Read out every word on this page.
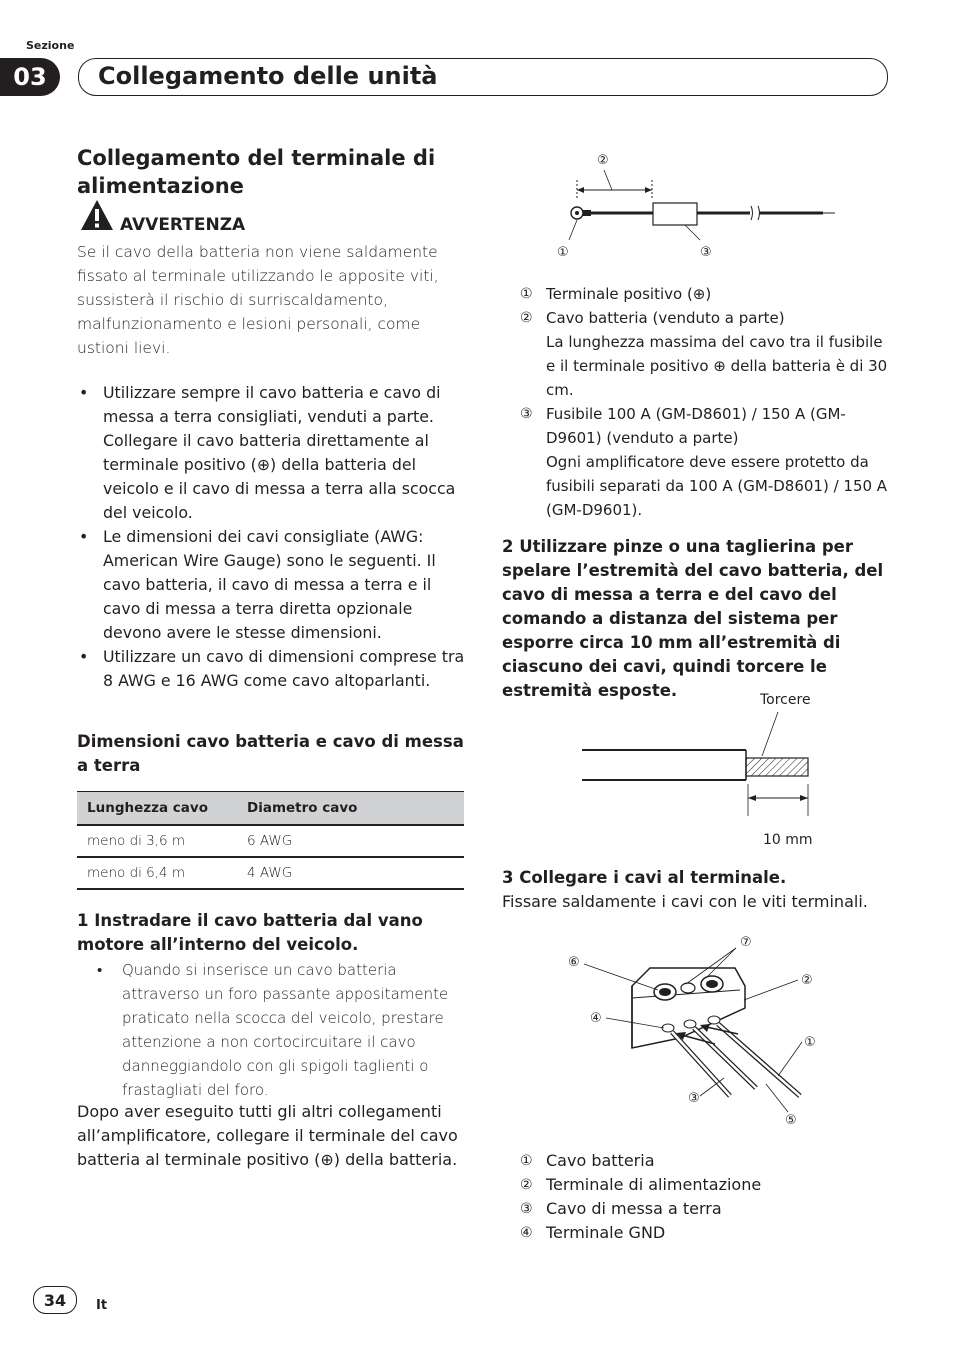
Sezione
03	Collegamento delle unità
Collegamento del terminale di alimentazione
AVVERTENZA
Se il cavo della batteria non viene saldamente fissato al terminale utilizzando le apposite viti, sussisterà il rischio di surriscaldamento, malfunzionamento e lesioni personali, come ustioni lievi.
• Utilizzare sempre il cavo batteria e cavo di messa a terra consigliati, venduti a parte. Collegare il cavo batteria direttamente al terminale positivo (⊕) della batteria del veicolo e il cavo di messa a terra alla scocca del veicolo.
• Le dimensioni dei cavi consigliate (AWG: American Wire Gauge) sono le seguenti. Il cavo batteria, il cavo di messa a terra e il cavo di messa a terra diretta opzionale devono avere le stesse dimensioni.
• Utilizzare un cavo di dimensioni comprese tra 8 AWG e 16 AWG come cavo altoparlanti.
Dimensioni cavo batteria e cavo di messa a terra
Lunghezza cavo	Diametro cavo
meno di 3,6 m	6 AWG
meno di 6,4 m	4 AWG
1 Instradare il cavo batteria dal vano motore all’interno del veicolo.
• Quando si inserisce un cavo batteria attraverso un foro passante appositamente praticato nella scocca del veicolo, prestare attenzione a non cortocircuitare il cavo danneggiandolo con gli spigoli taglienti o frastagliati del foro.
Dopo aver eseguito tutti gli altri collegamenti all’amplificatore, collegare il terminale del cavo batteria al terminale positivo (⊕) della batteria.
②
①	③
① Terminale positivo (⊕)
② Cavo batteria (venduto a parte)
La lunghezza massima del cavo tra il fusibile e il terminale positivo ⊕ della batteria è di 30 cm.
③ Fusibile 100 A (GM-D8601) / 150 A (GM-D9601) (venduto a parte)
Ogni amplificatore deve essere protetto da fusibili separati da 100 A (GM-D8601) / 150 A (GM-D9601).
2 Utilizzare pinze o una taglierina per spelare l’estremità del cavo batteria, del cavo di messa a terra e del cavo del comando a distanza del sistema per esporre circa 10 mm all’estremità di ciascuno dei cavi, quindi torcere le estremità esposte.	Torcere
10 mm
3 Collegare i cavi al terminale.
Fissare saldamente i cavi con le viti terminali.
⑦
⑥
②
④
①
③
⑤
① Cavo batteria
② Terminale di alimentazione
③ Cavo di messa a terra
④ Terminale GND
34	It
